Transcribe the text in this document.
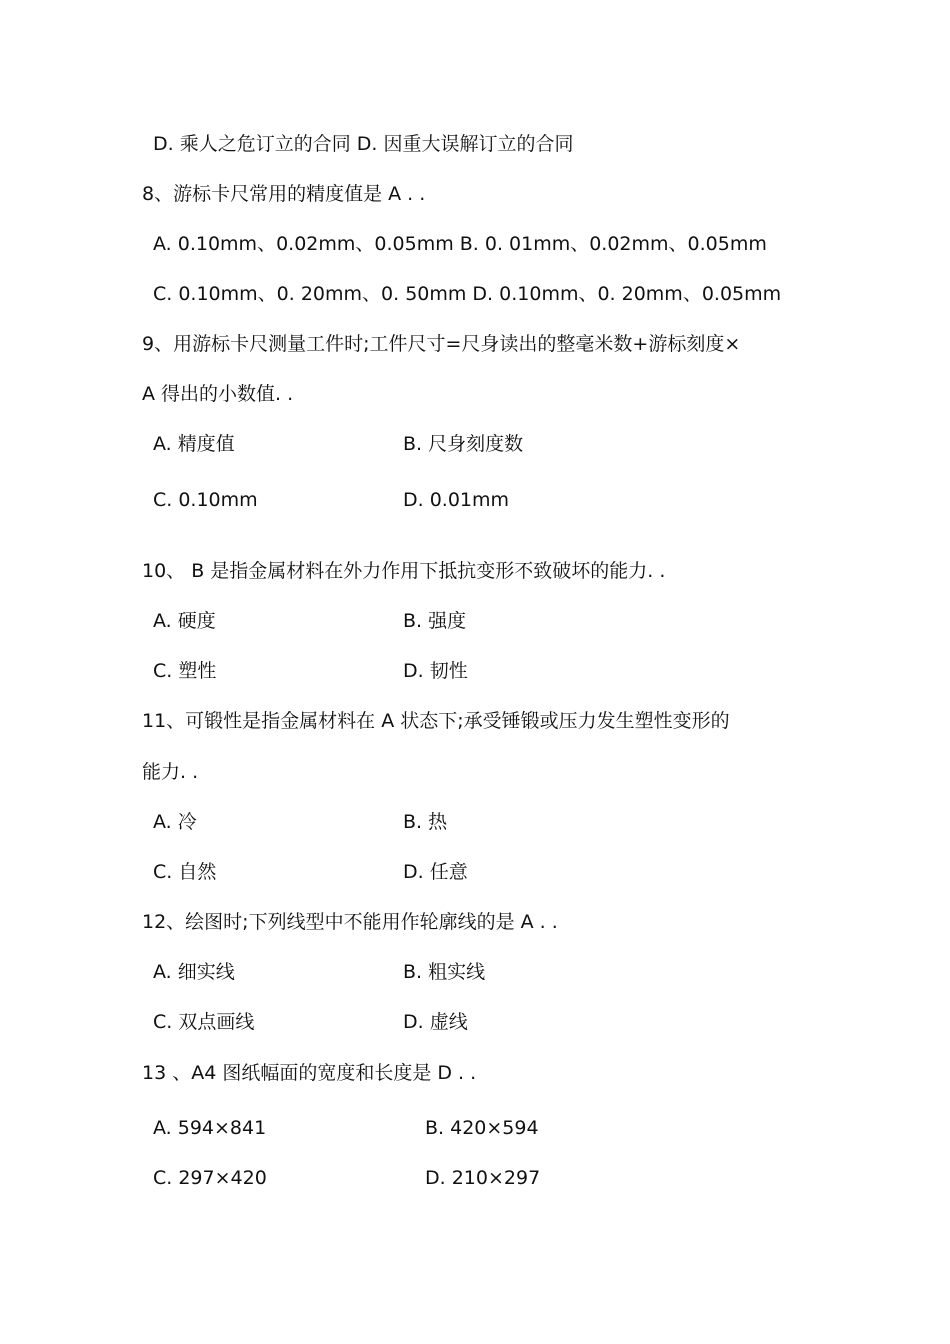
D. 乘人之危订立的合同 D. 因重大误解订立的合同

8、游标卡尺常用的精度值是 A . .

A. 0.10mm、0.02mm、0.05mm B. 0. 01mm、0.02mm、0.05mm

C. 0.10mm、0. 20mm、0. 50mm D. 0.10mm、0. 20mm、0.05mm

9、用游标卡尺测量工件时;工件尺寸=尺身读出的整毫米数+游标刻度×

A 得出的小数值. .

A. 精度值	B. 尺身刻度数
C. 0.10mm	D. 0.01mm

10、 B 是指金属材料在外力作用下抵抗变形不致破坏的能力. .

A. 硬度	B. 强度
C. 塑性	D. 韧性

11、可锻性是指金属材料在 A 状态下;承受锤锻或压力发生塑性变形的

能力. .

A. 冷	B. 热
C. 自然	D. 任意

12、绘图时;下列线型中不能用作轮廓线的是 A . .

A. 细实线	B. 粗实线
C. 双点画线	D. 虚线

13 、A4 图纸幅面的宽度和长度是 D . .

A. 594×841	B. 420×594
C. 297×420	D. 210×297
